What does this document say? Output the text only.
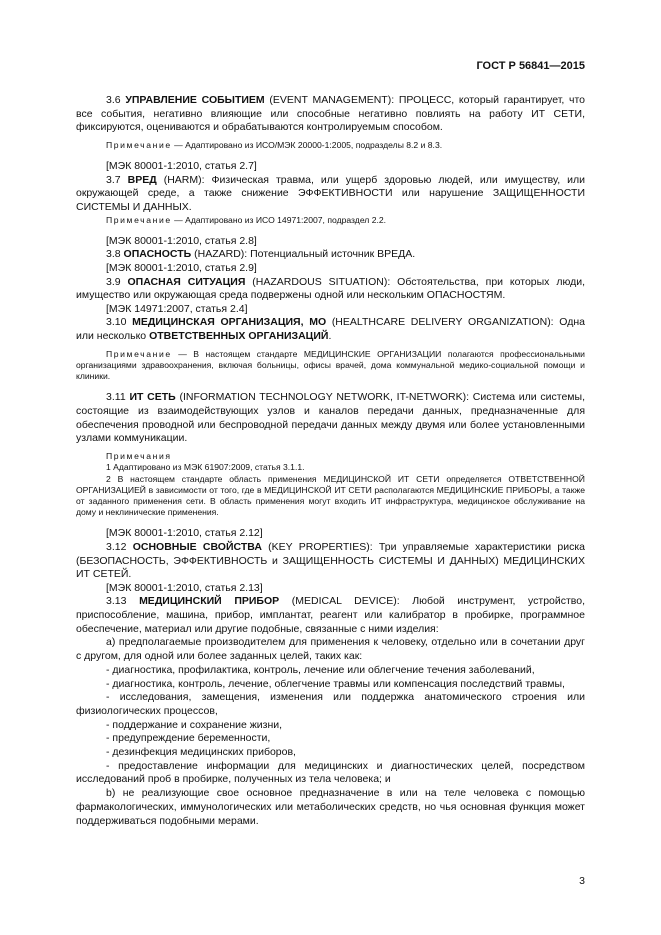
ГОСТ Р 56841—2015
3.6 УПРАВЛЕНИЕ СОБЫТИЕМ (EVENT MANAGEMENT): ПРОЦЕСС, который гарантирует, что все события, негативно влияющие или способные негативно повлиять на работу ИТ СЕТИ, фиксируются, оцениваются и обрабатываются контролируемым способом.
Примечание — Адаптировано из ИСО/МЭК 20000-1:2005, подразделы 8.2 и 8.3.
[МЭК 80001-1:2010, статья 2.7]
3.7 ВРЕД (HARM): Физическая травма, или ущерб здоровью людей, или имуществу, или окружающей среде, а также снижение ЭФФЕКТИВНОСТИ или нарушение ЗАЩИЩЕННОСТИ СИСТЕМЫ И ДАННЫХ.
Примечание — Адаптировано из ИСО 14971:2007, подраздел 2.2.
[МЭК 80001-1:2010, статья 2.8]
3.8 ОПАСНОСТЬ (HAZARD): Потенциальный источник ВРЕДА.
[МЭК 80001-1:2010, статья 2.9]
3.9 ОПАСНАЯ СИТУАЦИЯ (HAZARDOUS SITUATION): Обстоятельства, при которых люди, имущество или окружающая среда подвержены одной или нескольким ОПАСНОСТЯМ.
[МЭК 14971:2007, статья 2.4]
3.10 МЕДИЦИНСКАЯ ОРГАНИЗАЦИЯ, МО (HEALTHCARE DELIVERY ORGANIZATION): Одна или несколько ОТВЕТСТВЕННЫХ ОРГАНИЗАЦИЙ.
Примечание — В настоящем стандарте МЕДИЦИНСКИЕ ОРГАНИЗАЦИИ полагаются профессиональными организациями здравоохранения, включая больницы, офисы врачей, дома коммунальной медико-социальной помощи и клиники.
3.11 ИТ СЕТЬ (INFORMATION TECHNOLOGY NETWORK, IT-NETWORK): Система или системы, состоящие из взаимодействующих узлов и каналов передачи данных, предназначенные для обеспечения проводной или беспроводной передачи данных между двумя или более установленными узлами коммуникации.
Примечания
1 Адаптировано из МЭК 61907:2009, статья 3.1.1.
2 В настоящем стандарте область применения МЕДИЦИНСКОЙ ИТ СЕТИ определяется ОТВЕТСТВЕННОЙ ОРГАНИЗАЦИЕЙ в зависимости от того, где в МЕДИЦИНСКОЙ ИТ СЕТИ располагаются МЕДИЦИНСКИЕ ПРИБОРЫ, а также от заданного применения сети. В область применения могут входить ИТ инфраструктура, медицинское обслуживание на дому и неклинические применения.
[МЭК 80001-1:2010, статья 2.12]
3.12 ОСНОВНЫЕ СВОЙСТВА (KEY PROPERTIES): Три управляемые характеристики риска (БЕЗОПАСНОСТЬ, ЭФФЕКТИВНОСТЬ и ЗАЩИЩЕННОСТЬ СИСТЕМЫ И ДАННЫХ) МЕДИЦИНСКИХ ИТ СЕТЕЙ.
[МЭК 80001-1:2010, статья 2.13]
3.13 МЕДИЦИНСКИЙ ПРИБОР (MEDICAL DEVICE): Любой инструмент, устройство, приспособление, машина, прибор, имплантат, реагент или калибратор в пробирке, программное обеспечение, материал или другие подобные, связанные с ними изделия:
а) предполагаемые производителем для применения к человеку, отдельно или в сочетании друг с другом, для одной или более заданных целей, таких как:
- диагностика, профилактика, контроль, лечение или облегчение течения заболеваний,
- диагностика, контроль, лечение, облегчение травмы или компенсация последствий травмы,
- исследования, замещения, изменения или поддержка анатомического строения или физиологических процессов,
- поддержание и сохранение жизни,
- предупреждение беременности,
- дезинфекция медицинских приборов,
- предоставление информации для медицинских и диагностических целей, посредством исследований проб в пробирке, полученных из тела человека; и
b) не реализующие свое основное предназначение в или на теле человека с помощью фармакологических, иммунологических или метаболических средств, но чья основная функция может поддерживаться подобными мерами.
3
